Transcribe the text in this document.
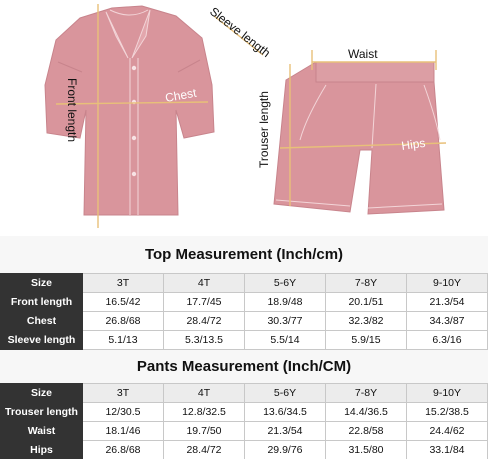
Sleeve length
Front length	Chest
Waist
Trouser length	Hips
Top Measurement (Inch/cm)
Size	3T	4T	5-6Y	7-8Y	9-10Y
Front length	16.5/42	17.7/45	18.9/48	20.1/51	21.3/54
Chest	26.8/68	28.4/72	30.3/77	32.3/82	34.3/87
Sleeve length	5.1/13	5.3/13.5	5.5/14	5.9/15	6.3/16
Pants Measurement (Inch/CM)
Size	3T	4T	5-6Y	7-8Y	9-10Y
Trouser length	12/30.5	12.8/32.5	13.6/34.5	14.4/36.5	15.2/38.5
Waist	18.1/46	19.7/50	21.3/54	22.8/58	24.4/62
Hips	26.8/68	28.4/72	29.9/76	31.5/80	33.1/84
